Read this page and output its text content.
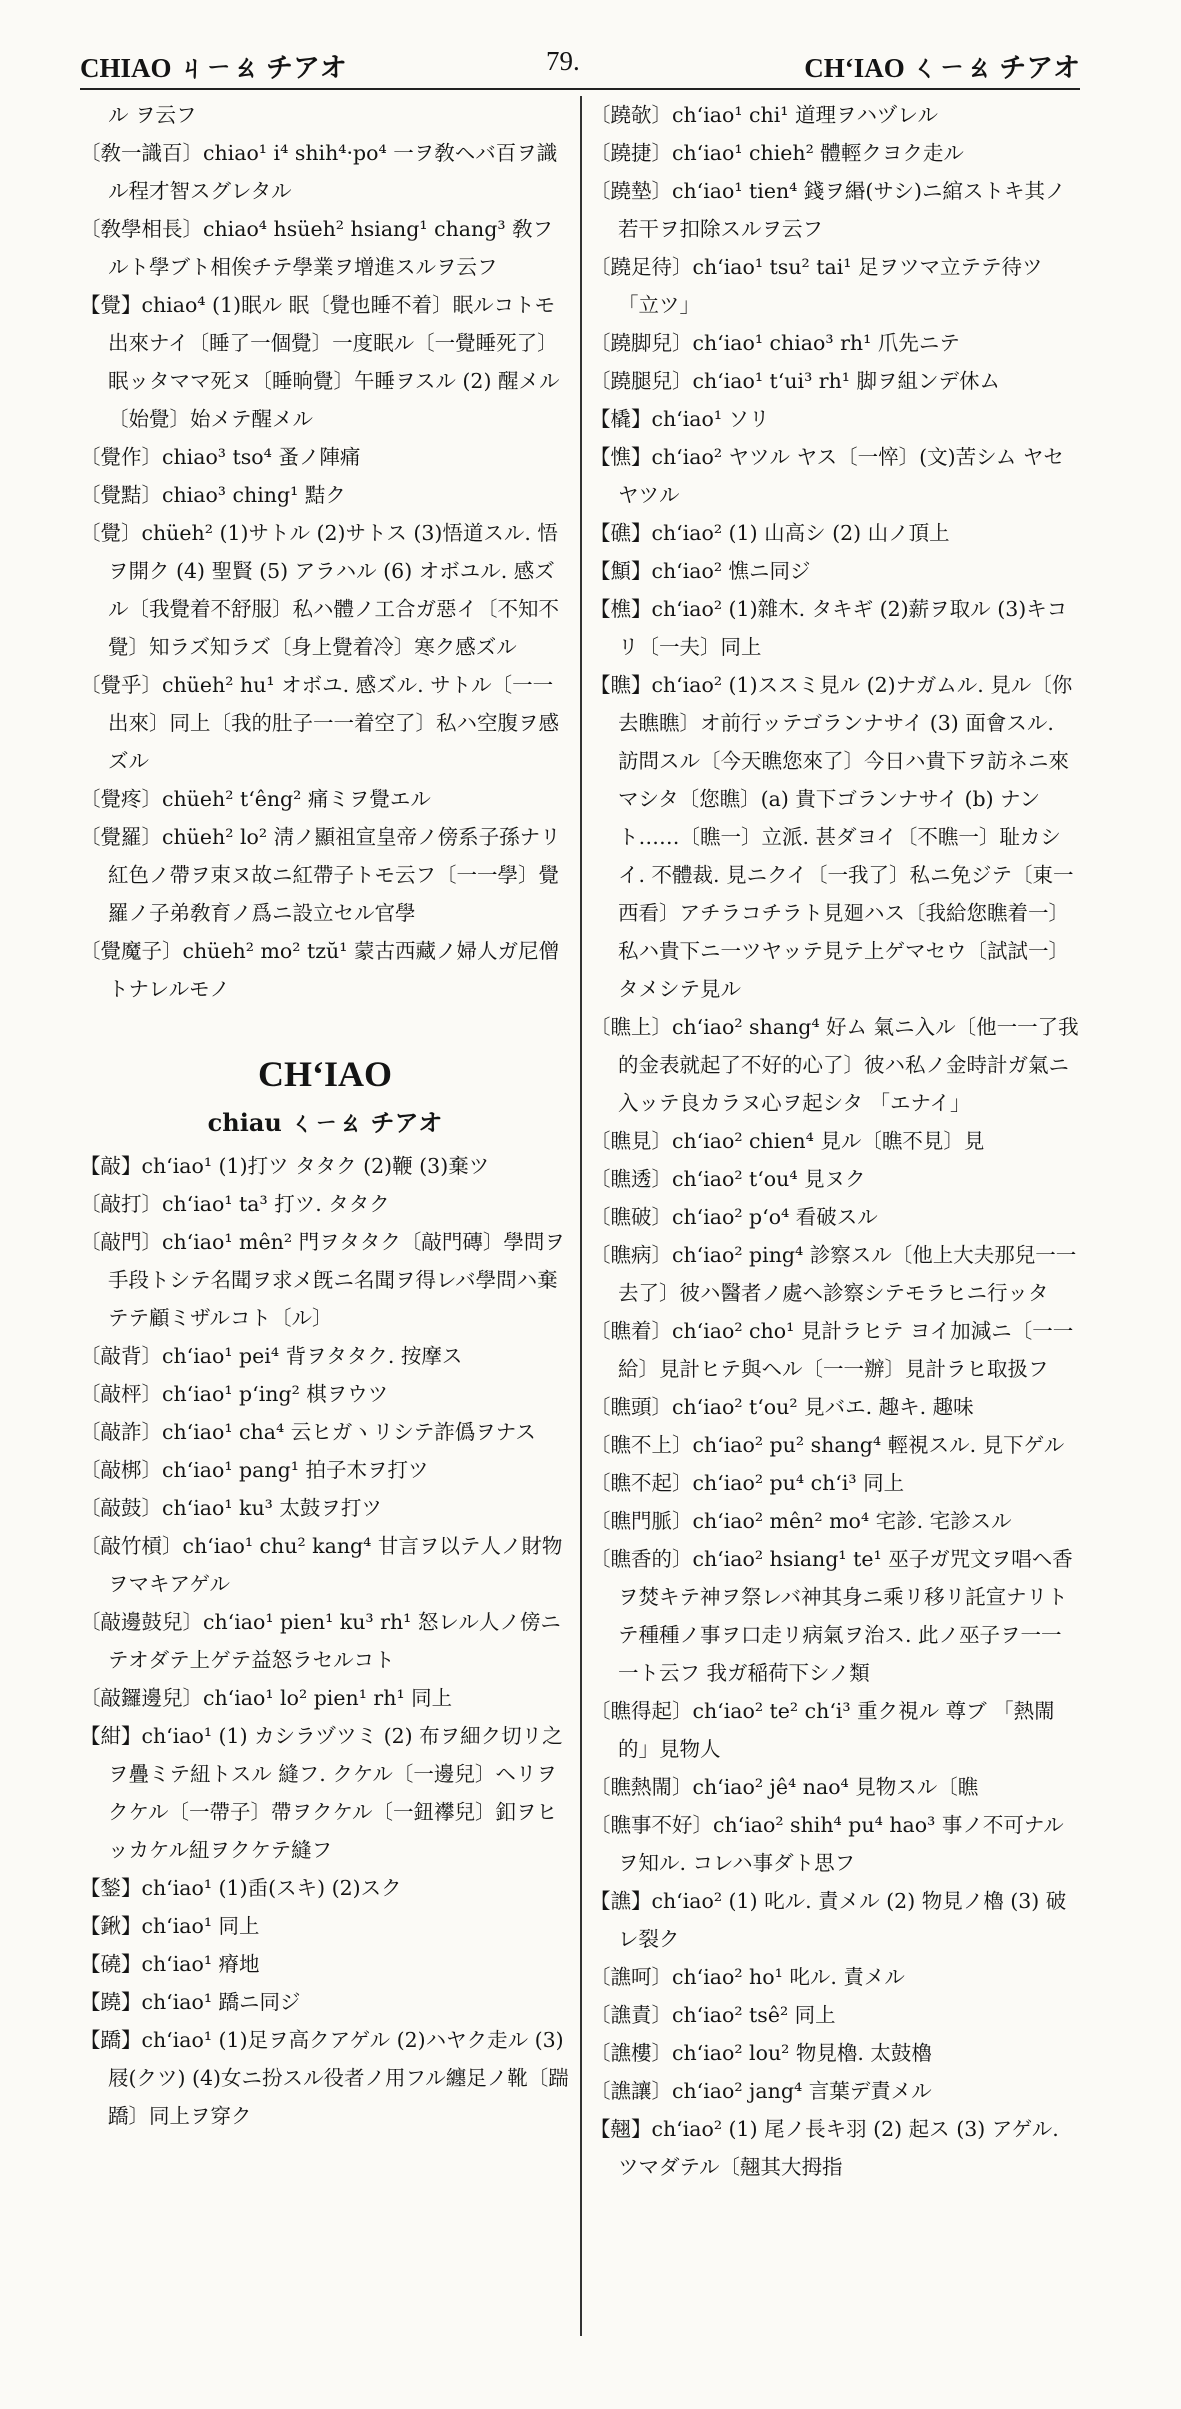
CHIAO ㄐㄧㄠ チアオ	79.	CH‘IAO ㄑㄧㄠ チアオ

ル ヲ云フ

〔敎一識百〕chiao¹ i⁴ shih⁴·po⁴ 一ヲ敎ヘバ百ヲ識ル程才智スグレタル

〔敎學相長〕chiao⁴ hsüeh² hsiang¹ chang³ 敎フルト學ブト相俟チテ學業ヲ增進スルヲ云フ

【覺】chiao⁴ (1)眠ル 眠〔覺也睡不着〕眠ルコトモ出來ナイ〔睡了一個覺〕一度眠ル〔一覺睡死了〕眠ッタママ死ヌ〔睡晌覺〕午睡ヲスル (2) 醒メル〔始覺〕始メテ醒メル

〔覺作〕chiao³ tso⁴ 蚤ノ陣痛

〔覺黠〕chiao³ ching¹ 黠ク

〔覺〕chüeh² (1)サトル (2)サトス (3)悟道スル. 悟ヲ開ク (4) 聖賢 (5) アラハル (6) オボユル. 感ズル〔我覺着不舒服〕私ハ體ノ工合ガ惡イ〔不知不覺〕知ラズ知ラズ〔身上覺着冷〕寒ク感ズル

〔覺乎〕chüeh² hu¹ オボユ. 感ズル. サトル〔一一出來〕同上〔我的肚子一一着空了〕私ハ空腹ヲ感ズル

〔覺疼〕chüeh² t‘êng² 痛ミヲ覺エル

〔覺羅〕chüeh² lo² 淸ノ顯祖宣皇帝ノ傍系子孫ナリ 紅色ノ帶ヲ束ヌ故ニ紅帶子トモ云フ〔一一學〕覺羅ノ子弟敎育ノ爲ニ設立セル官學

〔覺魔子〕chüeh² mo² tzŭ¹ 蒙古西藏ノ婦人ガ尼僧トナレルモノ

CH‘IAO
chiau ㄑㄧㄠ チアオ

【敲】ch‘iao¹ (1)打ツ タタク (2)鞭 (3)棄ツ

〔敲打〕ch‘iao¹ ta³ 打ツ. タタク

〔敲門〕ch‘iao¹ mên² 門ヲタタク〔敲門磚〕學問ヲ手段トシテ名聞ヲ求メ旣ニ名聞ヲ得レバ學問ハ棄テテ顧ミザルコト〔ル〕

〔敲背〕ch‘iao¹ pei⁴ 背ヲタタク. 按摩ス

〔敲枰〕ch‘iao¹ p‘ing² 棋ヲウツ

〔敲詐〕ch‘iao¹ cha⁴ 云ヒガヽリシテ詐僞ヲナス

〔敲梆〕ch‘iao¹ pang¹ 拍子木ヲ打ツ

〔敲鼓〕ch‘iao¹ ku³ 太鼓ヲ打ツ

〔敲竹槓〕ch‘iao¹ chu² kang⁴ 甘言ヲ以テ人ノ財物ヲマキアゲル

〔敲邊鼓兒〕ch‘iao¹ pien¹ ku³ rh¹ 怒レル人ノ傍ニテオダテ上ゲテ益怒ラセルコト

〔敲鑼邊兒〕ch‘iao¹ lo² pien¹ rh¹ 同上

【紺】ch‘iao¹ (1) カシラヅツミ (2) 布ヲ細ク切リ之ヲ疊ミテ紐トスル 縫フ. クケル〔一邊兒〕ヘリヲクケル〔一帶子〕帶ヲクケル〔一鈕襻兒〕釦ヲヒッカケル紐ヲクケテ縫フ

【鍫】ch‘iao¹ (1)臿(スキ) (2)スク

【鍬】ch‘iao¹ 同上

【磽】ch‘iao¹ 瘠地

【蹺】ch‘iao¹ 蹻ニ同ジ

【蹻】ch‘iao¹ (1)足ヲ高クアゲル (2)ハヤク走ル (3)屐(クツ) (4)女ニ扮スル役者ノ用フル纏足ノ靴〔踹蹻〕同上ヲ穿ク

〔蹺欹〕ch‘iao¹ chi¹ 道理ヲハヅレル

〔蹺捷〕ch‘iao¹ chieh² 體輕クヨク走ル

〔蹺墊〕ch‘iao¹ tien⁴ 錢ヲ緡(サシ)ニ綰ストキ其ノ若干ヲ扣除スルヲ云フ

〔蹺足待〕ch‘iao¹ tsu² tai¹ 足ヲツマ立テテ待ツ 「立ツ」

〔蹺脚兒〕ch‘iao¹ chiao³ rh¹ 爪先ニテ

〔蹺腿兒〕ch‘iao¹ t‘ui³ rh¹ 脚ヲ組ンデ休ム

【橇】ch‘iao¹ ソリ

【憔】ch‘iao² ヤツル ヤス〔一悴〕(文)苦シム ヤセヤツル

【礁】ch‘iao² (1) 山高シ (2) 山ノ頂上

【顦】ch‘iao² 憔ニ同ジ

【樵】ch‘iao² (1)雜木. タキギ (2)薪ヲ取ル (3)キコリ〔一夫〕同上

【瞧】ch‘iao² (1)ススミ見ル (2)ナガムル. 見ル〔你去瞧瞧〕オ前行ッテゴランナサイ (3) 面會スル. 訪問スル〔今天瞧您來了〕今日ハ貴下ヲ訪ネニ來マシタ〔您瞧〕(a) 貴下ゴランナサイ (b) ナント……〔瞧一〕立派. 甚ダヨイ〔不瞧一〕耻カシイ. 不體裁. 見ニクイ〔一我了〕私ニ免ジテ〔東一西看〕アチラコチラト見廻ハス〔我給您瞧着一〕私ハ貴下ニ一ツヤッテ見テ上ゲマセウ〔試試一〕タメシテ見ル

〔瞧上〕ch‘iao² shang⁴ 好ム 氣ニ入ル〔他一一了我的金表就起了不好的心了〕彼ハ私ノ金時計ガ氣ニ入ッテ良カラヌ心ヲ起シタ 「エナイ」

〔瞧見〕ch‘iao² chien⁴ 見ル〔瞧不見〕見

〔瞧透〕ch‘iao² t‘ou⁴ 見ヌク

〔瞧破〕ch‘iao² p‘o⁴ 看破スル

〔瞧病〕ch‘iao² ping⁴ 診察スル〔他上大夫那兒一一去了〕彼ハ醫者ノ處ヘ診察シテモラヒニ行ッタ

〔瞧着〕ch‘iao² cho¹ 見計ラヒテ ヨイ加減ニ〔一一給〕見計ヒテ與ヘル〔一一辦〕見計ラヒ取扱フ

〔瞧頭〕ch‘iao² t‘ou² 見バエ. 趣キ. 趣味

〔瞧不上〕ch‘iao² pu² shang⁴ 輕視スル. 見下ゲル

〔瞧不起〕ch‘iao² pu⁴ ch‘i³ 同上

〔瞧門脈〕ch‘iao² mên² mo⁴ 宅診. 宅診スル

〔瞧香的〕ch‘iao² hsiang¹ te¹ 巫子ガ咒文ヲ唱ヘ香ヲ焚キテ神ヲ祭レバ神其身ニ乘リ移リ託宣ナリトテ種種ノ事ヲ口走リ病氣ヲ治ス. 此ノ巫子ヲ一一一ト云フ 我ガ稲荷下シノ類

〔瞧得起〕ch‘iao² te² ch‘i³ 重ク視ル 尊ブ 「熱閙的」見物人

〔瞧熱閙〕ch‘iao² jê⁴ nao⁴ 見物スル〔瞧

〔瞧事不好〕ch‘iao² shih⁴ pu⁴ hao³ 事ノ不可ナルヲ知ル. コレハ事ダト思フ

【譙】ch‘iao² (1) 叱ル. 責メル (2) 物見ノ櫓 (3) 破レ裂ク

〔譙呵〕ch‘iao² ho¹ 叱ル. 責メル

〔譙責〕ch‘iao² tsê² 同上

〔譙樓〕ch‘iao² lou² 物見櫓. 太鼓櫓

〔譙讓〕ch‘iao² jang⁴ 言葉デ責メル

【翹】ch‘iao² (1) 尾ノ長キ羽 (2) 起ス (3) アゲル. ツマダテル〔翹其大拇指
